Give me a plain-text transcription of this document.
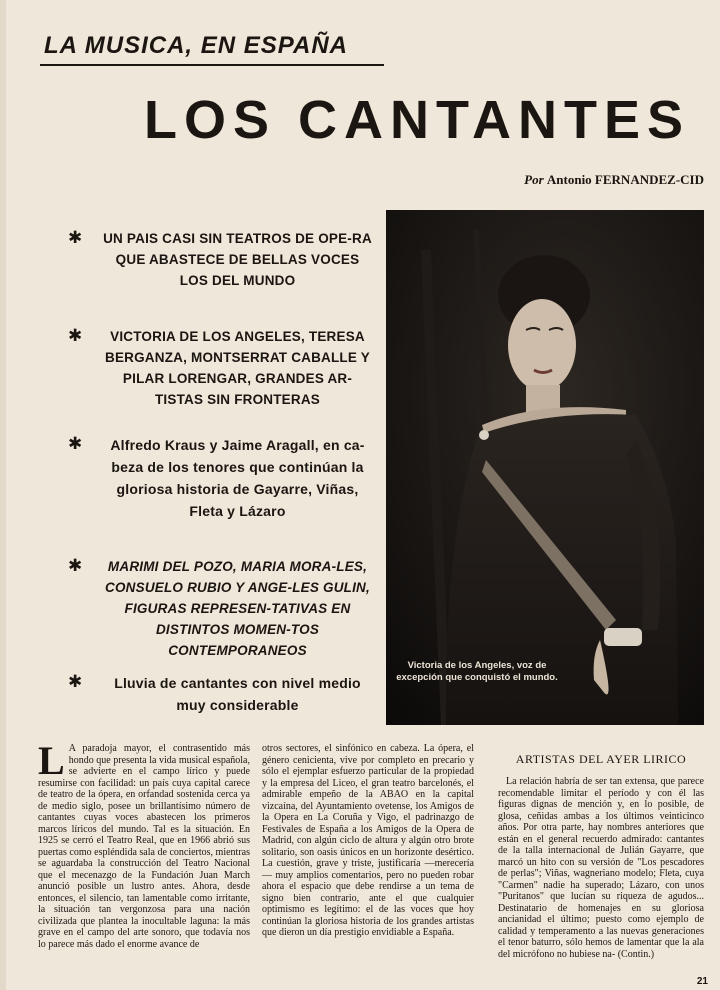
LA MUSICA, EN ESPAÑA
LOS CANTANTES
Por Antonio FERNANDEZ-CID
✱ UN PAIS CASI SIN TEATROS DE OPE-RA QUE ABASTECE DE BELLAS VOCES LOS DEL MUNDO
✱	VICTORIA DE LOS ANGELES, TERESA BERGANZA, MONTSERRAT CABALLE Y PILAR LORENGAR, GRANDES AR-TISTAS SIN FRONTERAS
✱	Alfredo Kraus y Jaime Aragall, en ca-beza de los tenores que continúan la gloriosa historia de Gayarre, Viñas, Fleta y Lázaro
✱	MARIMI DEL POZO, MARIA MORA-LES, CONSUELO RUBIO Y ANGE-LES GULIN, FIGURAS REPRESEN-TATIVAS EN DISTINTOS MOMEN-TOS CONTEMPORANEOS
✱	Lluvia de cantantes con nivel medio muy considerable
Victoria de los Angeles, voz de excepción que conquistó el mundo.
L A paradoja mayor, el contrasentido más hondo que presenta la vida musical española, se advierte en el campo lírico y puede resumirse con facilidad: un país cuya capital carece de teatro de la ópera, en orfandad sostenida cerca ya de medio siglo, posee un brillantísimo número de cantantes cuyas voces abastecen los primeros marcos líricos del mundo. Tal es la situación. En 1925 se cerró el Teatro Real, que en 1966 abrió sus puertas como espléndida sala de conciertos, mientras se aguardaba la construcción del Teatro Nacional que el mecenazgo de la Fundación Juan March anunció posible un lustro antes. Ahora, desde entonces, el silencio, tan lamentable como irritante, la situación tan vergonzosa para una nación civilizada que planteа la inocultable laguna: la más grave en el campo del arte sonoro, que todavía nos lo parece más dado el enorme avance de

otros sectores, el sinfónico en cabeza. La ópera, el género cenicienta, vive por completo en precario y sólo el ejemplar esfuerzo particular de la propiedad y la empresa del Liceo, el gran teatro barcelonés, el admirable empeño de la ABAO en la capital vizcaína, del Ayuntamiento ovetense, los Amigos de la Opera en La Coruña y Vigo, el padrinazgo de Festivales de España a los Amigos de la Opera de Madrid, con algún ciclo de altura y algún otro brote solitario, son oasis únicos en un horizonte desértico. La cuestión, grave y triste, justificaría —merecería— muy amplios comentarios, pero no pueden robar ahora el espacio que debe rendirse a un tema de signo bien contrario, ante el que cualquier optimismo es legítimo: el de las voces que hoy continúan la gloriosa historia de los grandes artistas que dieron un día prestigio envidiable a España.

ARTISTAS DEL AYER LIRICO

La relación habría de ser tan extensa, que parece recomendable limitar el período y con él las figuras dignas de mención y, en lo posible, de glosa, ceñidas ambas a los últimos veinticinco años. Por otra parte, hay nombres anteriores que están en el general recuerdo admirado: cantantes de la talla internacional de Julián Gayarre, que marcó un hito con su versión de "Los pescadores de perlas"; Viñas, wagneriano modelo; Fleta, cuya "Carmen" nadie ha superado; Lázaro, con unos "Puritanos" que lucían su riqueza de agudos... Destinatario de homenajes en su gloriosa ancianidad el último; puesto como ejemplo de calidad y temperamento a las nuevas generaciones el tenor baturro, sólo hemos de lamentar que la ala del micrófono no hubiese na- (Contin.)

21
